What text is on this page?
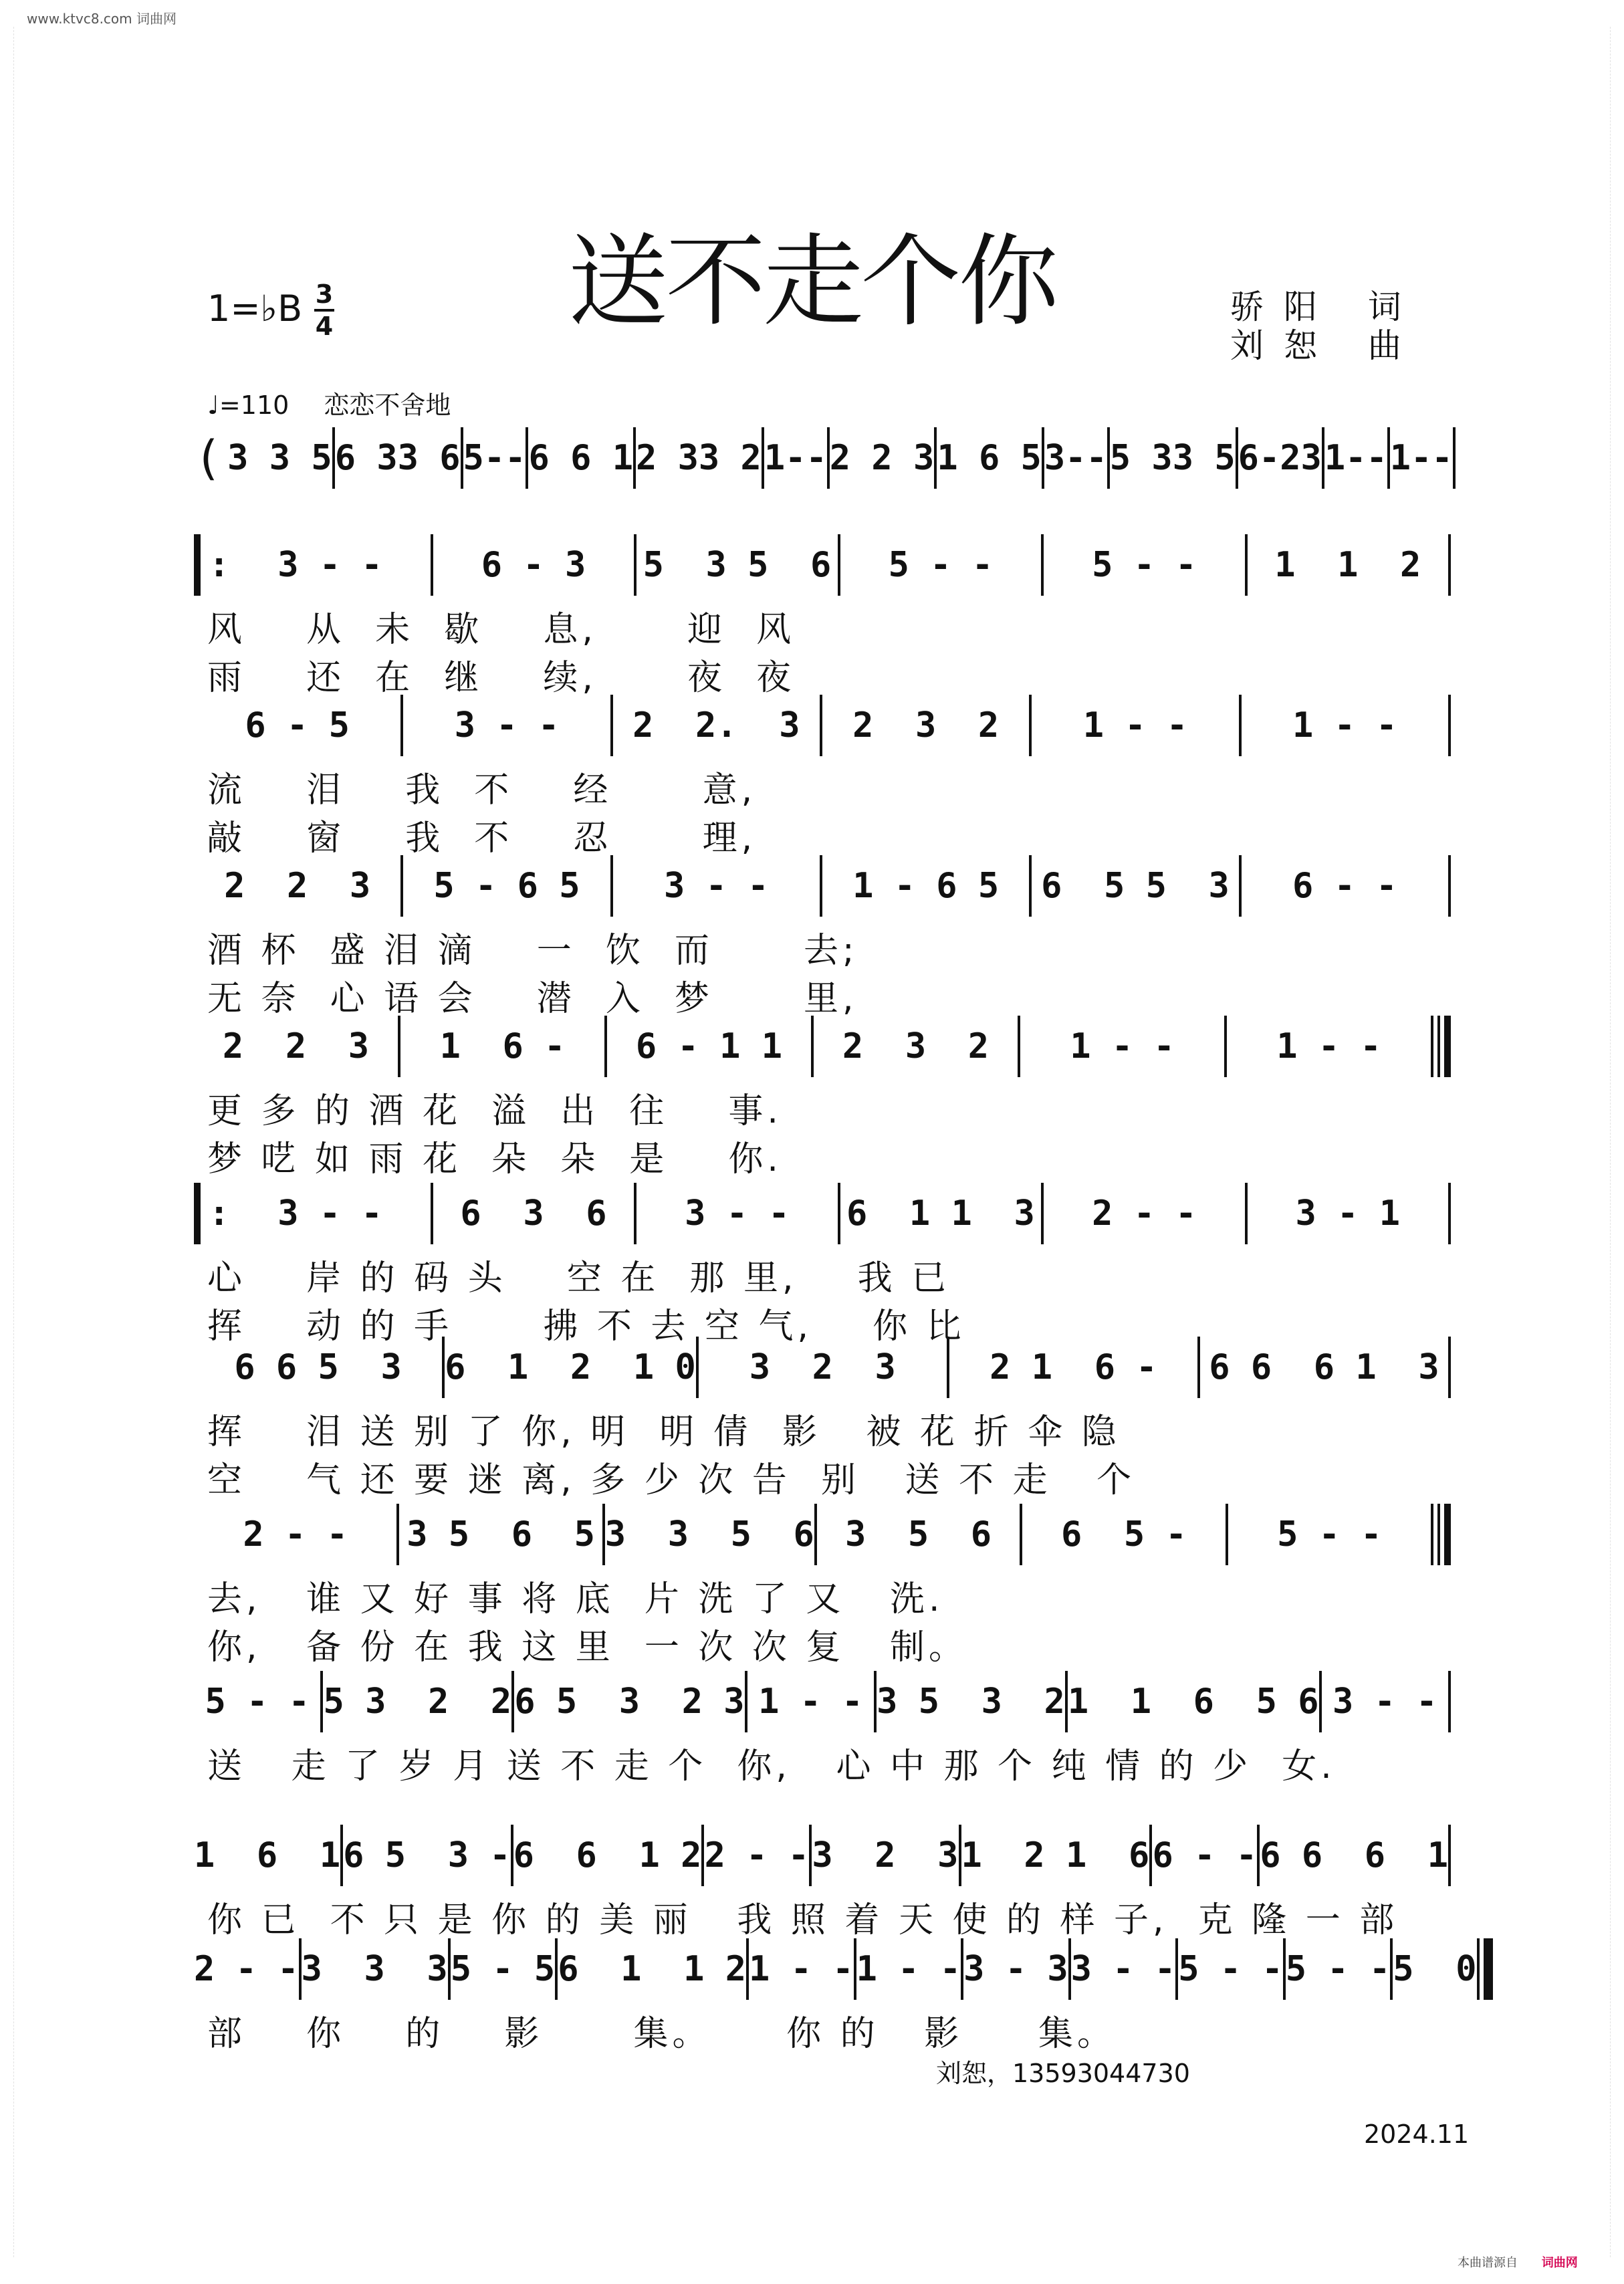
www.ktvc8.com 词曲网
送不走个你
1=♭B 3
4	骄阳 词
刘恕 曲
♩=110 恋恋不舍地
( 3 3 5 6 33 6 5-- 6 6 1 2 33 2 1-- 2 2 3 1 6 5 3-- 5 33 5 6-23 1-- 1--
:
3 - -	6 - 3	5  3 5  6	5 - -	5 - -	1  1  2
风    从  未  歇    息,      迎  风
雨    还  在  继    续,      夜  夜
6 - 5	3 - -	2  2.  3	2  3  2	1 - -	1 - -
流    泪    我  不    经      意,
敲    窗    我  不    忍      理,
2  2  3	5 - 6 5	3 - -	1 - 6 5	6  5 5  3	6 - -
酒 杯  盛 泪 滴    一  饮  而      去;
无 奈  心 语 会    潜  入  梦      里,
2  2  3	1  6 -	6 - 1 1	2  3  2	1 - -	1 - -
更 多 的 酒 花  溢  出  往    事.
梦 呓 如 雨 花  朵  朵  是    你.
:
3 - -	6  3  6	3 - -	6  1 1  3	2 - -	3 - 1
心    岸 的 码 头    空 在  那 里,    我 已
挥    动 的 手      拂 不 去 空 气,    你 比
6 6 5  3	6  1  2  1 0	3  2  3	2 1  6 -	6 6  6 1  3
挥    泪 送 别 了 你, 明  明 倩  影   被 花 折 伞 隐
空    气 还 要 迷 离, 多 少 次 告  别   送 不 走   个
2 - -	3 5  6  5 3  3  5  6 3  5  6	6  5 -	5 - -
去,   谁 又 好 事 将 底  片 洗 了 又   洗.
你,   备 份 在 我 这 里  一 次 次 复   制。
5 - - 5 3  2  2 6 5  3  2 3 1 - - 3 5  3  2 1  1  6  5 6 3 - -
送   走 了 岁 月 送 不 走 个  你,   心 中 那 个 纯 情 的 少  女.
1  6  1 6 5  3 - 6  6  1 2 2 - - 3  2  3 1  2 1  6 6 - - 6 6  6  1
你 已  不 只 是 你 的 美 丽   我 照 着 天 使 的 样 子,  克 隆 一 部
2 - - 3  3  3 5 - 5 6  1  1 2 1 - - 1 - - 3 - 3 3 - - 5 - - 5 - - 5  0
部    你    的    影      集。     你 的   影     集。
刘恕，13593044730
2024.11
本曲谱源自 词曲网
